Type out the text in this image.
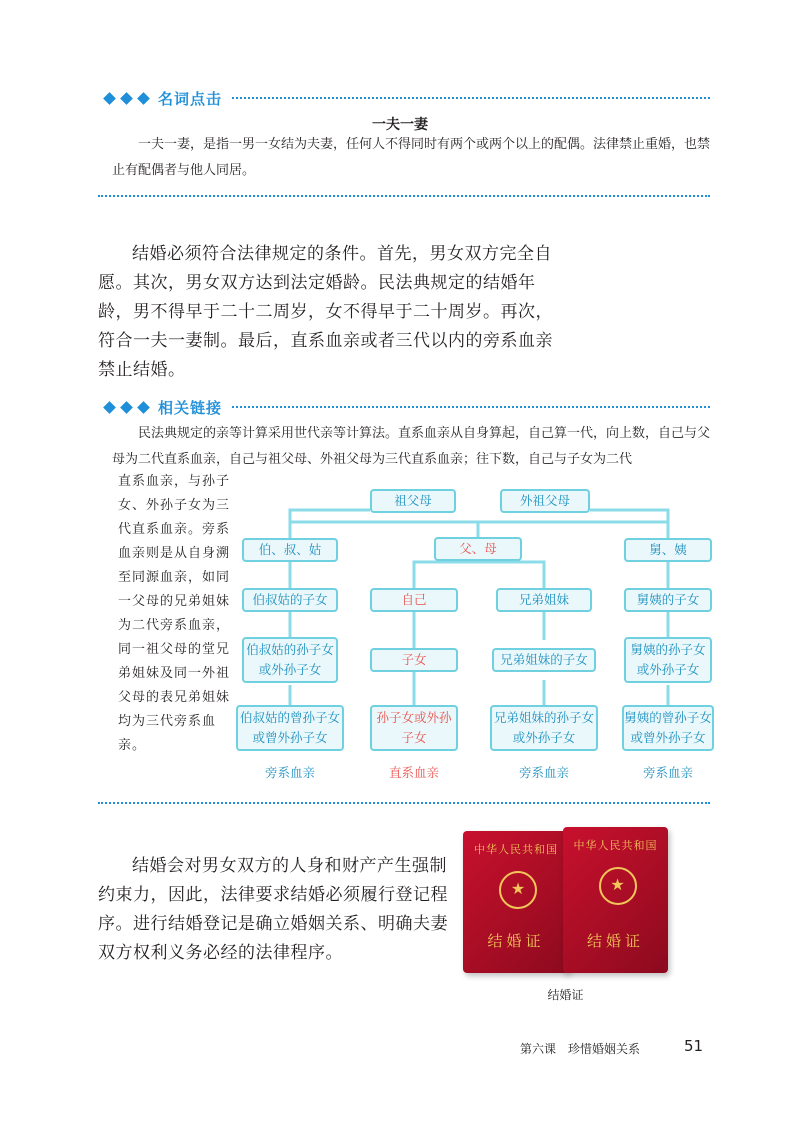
名词点击
一夫一妻
一夫一妻，是指一男一女结为夫妻，任何人不得同时有两个或两个以上的配偶。法律禁止重婚，也禁止有配偶者与他人同居。
结婚必须符合法律规定的条件。首先，男女双方完全自愿。其次，男女双方达到法定婚龄。民法典规定的结婚年龄，男不得早于二十二周岁，女不得早于二十周岁。再次，符合一夫一妻制。最后，直系血亲或者三代以内的旁系血亲禁止结婚。
相关链接
民法典规定的亲等计算采用世代亲等计算法。直系血亲从自身算起，自己算一代，向上数，自己与父母为二代直系血亲，自己与祖父母、外祖父母为三代直系血亲；往下数，自己与子女为二代
直系血亲，与孙子女、外孙子女为三代直系血亲。旁系血亲则是从自身溯至同源血亲，如同一父母的兄弟姐妹为二代旁系血亲，同一祖父母的堂兄弟姐妹及同一外祖父母的表兄弟姐妹均为三代旁系血亲。
祖父母	外祖父母
伯、叔、姑	父、母	舅、姨
伯叔姑的子女	自己	兄弟姐妹	舅姨的子女
伯叔姑的孙子女或外孙子女
子女	兄弟姐妹的子女
舅姨的孙子女或外孙子女
伯叔姑的曾孙子女或曾外孙子女
孙子女或外孙子女
兄弟姐妹的孙子女或外孙子女
舅姨的曾孙子女或曾外孙子女
旁系血亲	直系血亲	旁系血亲	旁系血亲
结婚会对男女双方的人身和财产产生强制约束力，因此，法律要求结婚必须履行登记程序。进行结婚登记是确立婚姻关系、明确夫妻双方权利义务必经的法律程序。
中华人民共和国
★
结婚证
中华人民共和国
★
结婚证
结婚证
第六课　珍惜婚姻关系	51
